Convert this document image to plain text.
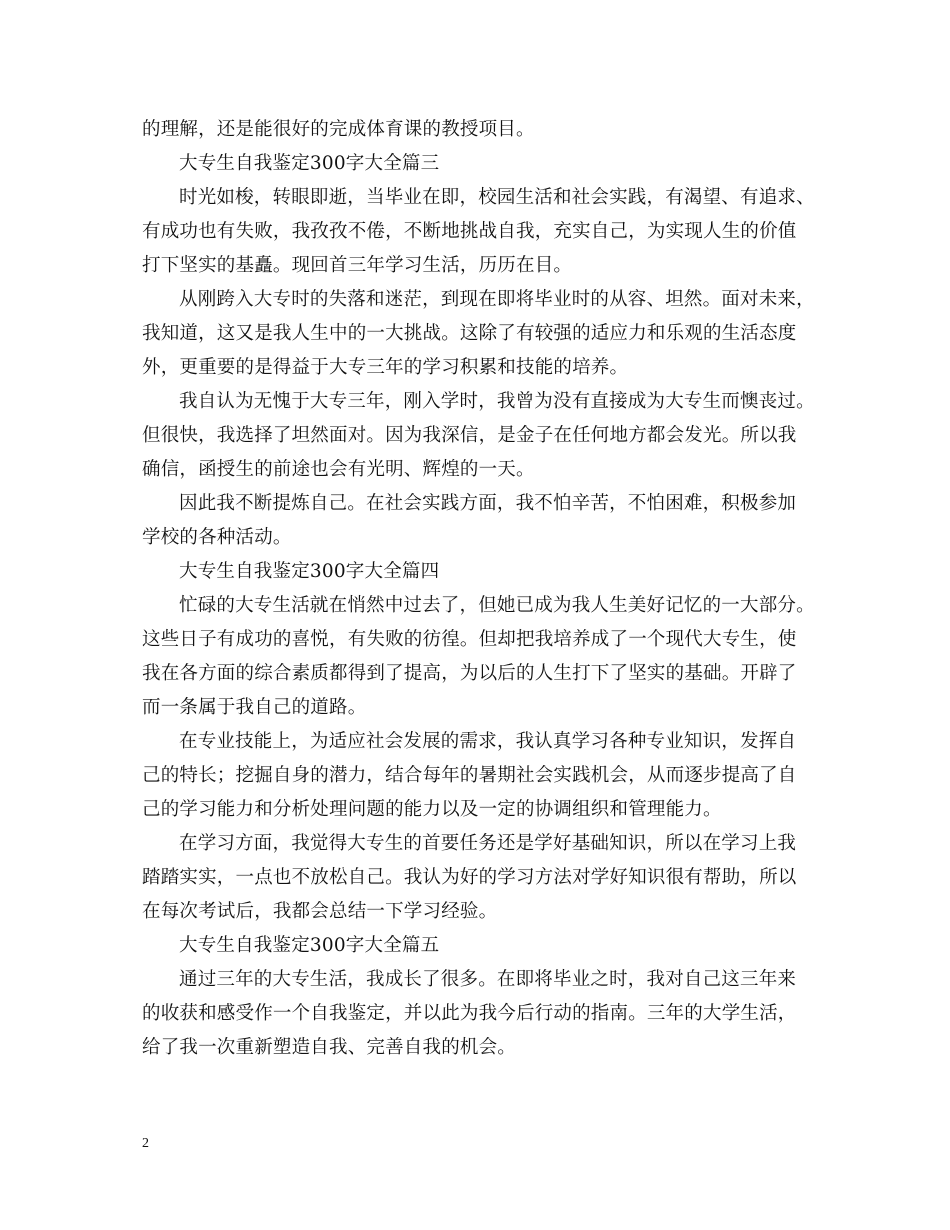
的理解，还是能很好的完成体育课的教授项目。
大专生自我鉴定300字大全篇三
时光如梭，转眼即逝，当毕业在即，校园生活和社会实践，有渴望、有追求、
有成功也有失败，我孜孜不倦，不断地挑战自我，充实自己，为实现人生的价值
打下坚实的基矗。现回首三年学习生活，历历在目。
从刚跨入大专时的失落和迷茫，到现在即将毕业时的从容、坦然。面对未来，
我知道，这又是我人生中的一大挑战。这除了有较强的适应力和乐观的生活态度
外，更重要的是得益于大专三年的学习积累和技能的培养。
我自认为无愧于大专三年，刚入学时，我曾为没有直接成为大专生而懊丧过。
但很快，我选择了坦然面对。因为我深信，是金子在任何地方都会发光。所以我
确信，函授生的前途也会有光明、辉煌的一天。
因此我不断提炼自己。在社会实践方面，我不怕辛苦，不怕困难，积极参加
学校的各种活动。
大专生自我鉴定300字大全篇四
忙碌的大专生活就在悄然中过去了，但她已成为我人生美好记忆的一大部分。
这些日子有成功的喜悦，有失败的彷徨。但却把我培养成了一个现代大专生，使
我在各方面的综合素质都得到了提高，为以后的人生打下了坚实的基础。开辟了
而一条属于我自己的道路。
在专业技能上，为适应社会发展的需求，我认真学习各种专业知识，发挥自
己的特长；挖掘自身的潜力，结合每年的暑期社会实践机会，从而逐步提高了自
己的学习能力和分析处理问题的能力以及一定的协调组织和管理能力。
在学习方面，我觉得大专生的首要任务还是学好基础知识，所以在学习上我
踏踏实实，一点也不放松自己。我认为好的学习方法对学好知识很有帮助，所以
在每次考试后，我都会总结一下学习经验。
大专生自我鉴定300字大全篇五
通过三年的大专生活，我成长了很多。在即将毕业之时，我对自己这三年来
的收获和感受作一个自我鉴定，并以此为我今后行动的指南。三年的大学生活，
给了我一次重新塑造自我、完善自我的机会。
2
